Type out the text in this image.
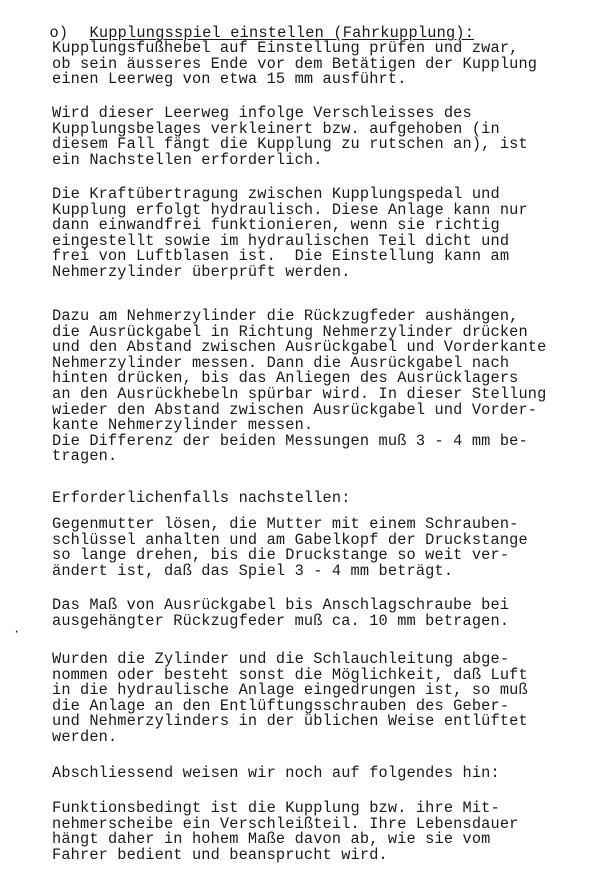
o) Kupplungsspiel einstellen (Fahrkupplung):

·
Kupplungsfußhebel auf Einstellung prüfen und zwar,
ob sein äusseres Ende vor dem Betätigen der Kupplung
einen Leerweg von etwa 15 mm ausführt.
Wird dieser Leerweg infolge Verschleisses des
Kupplungsbelages verkleinert bzw. aufgehoben (in
diesem Fall fängt die Kupplung zu rutschen an), ist
ein Nachstellen erforderlich.
Die Kraftübertragung zwischen Kupplungspedal und
Kupplung erfolgt hydraulisch. Diese Anlage kann nur
dann einwandfrei funktionieren, wenn sie richtig
eingestellt sowie im hydraulischen Teil dicht und
frei von Luftblasen ist.  Die Einstellung kann am
Nehmerzylinder überprüft werden.
Dazu am Nehmerzylinder die Rückzugfeder aushängen,
die Ausrückgabel in Richtung Nehmerzylinder drücken
und den Abstand zwischen Ausrückgabel und Vorderkante
Nehmerzylinder messen. Dann die Ausrückgabel nach
hinten drücken, bis das Anliegen des Ausrücklagers
an den Ausrückhebeln spürbar wird. In dieser Stellung
wieder den Abstand zwischen Ausrückgabel und Vorder-
kante Nehmerzylinder messen.
Die Differenz der beiden Messungen muß 3 - 4 mm be-
tragen.
Erforderlichenfalls nachstellen:
Gegenmutter lösen, die Mutter mit einem Schrauben-
schlüssel anhalten und am Gabelkopf der Druckstange
so lange drehen, bis die Druckstange so weit ver-
ändert ist, daß das Spiel 3 - 4 mm beträgt.
Das Maß von Ausrückgabel bis Anschlagschraube bei
ausgehängter Rückzugfeder muß ca. 10 mm betragen.
Wurden die Zylinder und die Schlauchleitung abge-
nommen oder besteht sonst die Möglichkeit, daß Luft
in die hydraulische Anlage eingedrungen ist, so muß
die Anlage an den Entlüftungsschrauben des Geber-
und Nehmerzylinders in der üblichen Weise entlüftet
werden.
Abschliessend weisen wir noch auf folgendes hin:
Funktionsbedingt ist die Kupplung bzw. ihre Mit-
nehmerscheibe ein Verschleißteil. Ihre Lebensdauer
hängt daher in hohem Maße davon ab, wie sie vom
Fahrer bedient und beansprucht wird.
